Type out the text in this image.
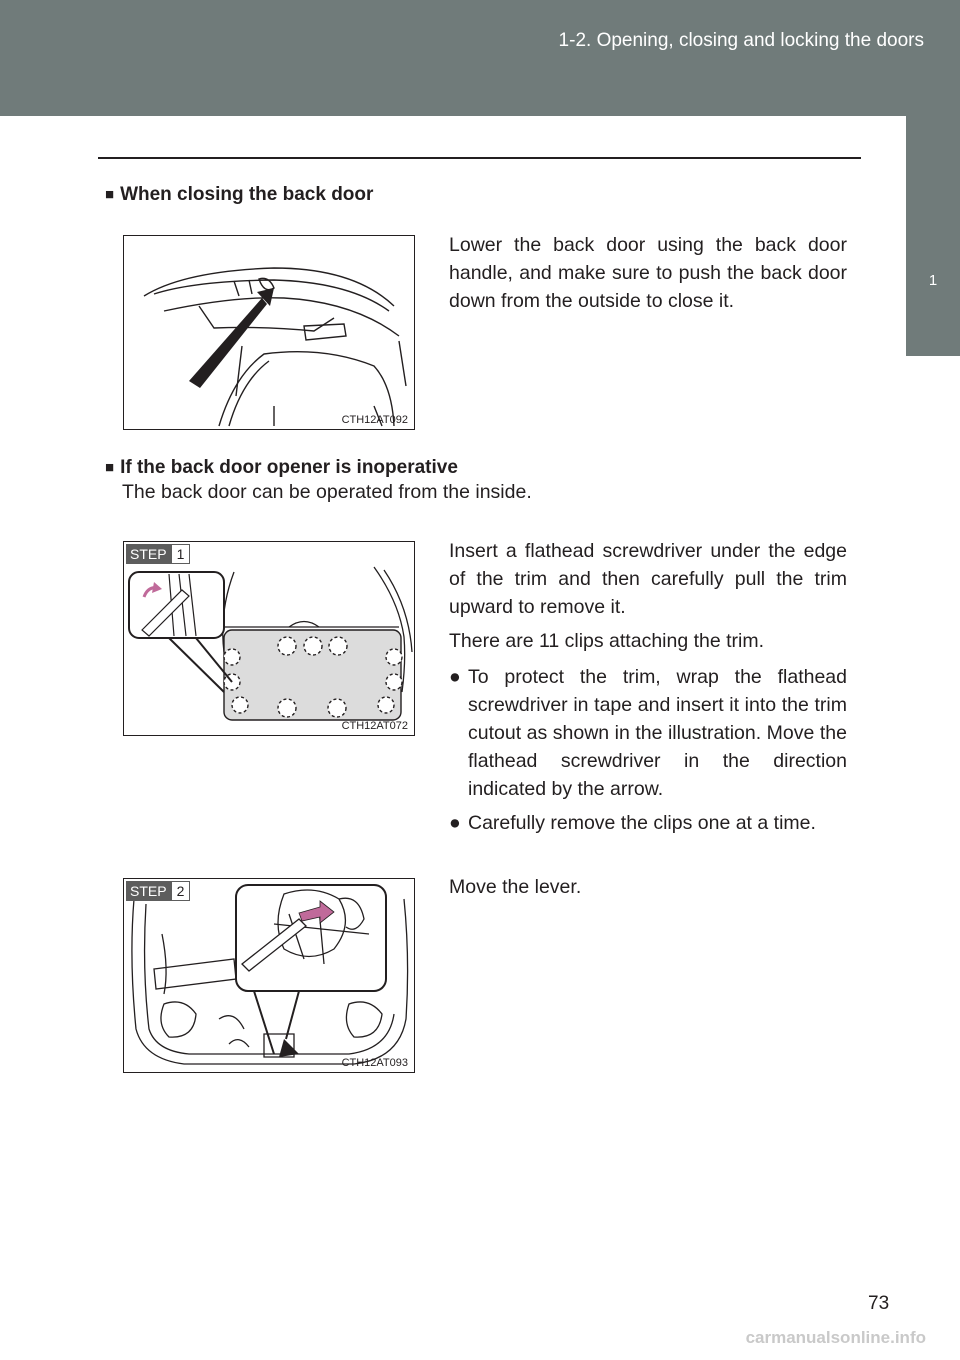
1-2. Opening, closing and locking the doors
1
Before driving
■ When closing the back door
CTH12AT092
Lower the back door using the back door handle, and make sure to push the back door down from the outside to close it.
■ If the back door opener is inoperative
The back door can be operated from the inside.
STEP 1
CTH12AT072
Insert a flathead screwdriver under the edge of the trim and then carefully pull the trim upward to remove it.
There are 11 clips attaching the trim.
● To protect the trim, wrap the flathead screwdriver in tape and insert it into the trim cutout as shown in the illustration. Move the flathead screwdriver in the direction indicated by the arrow.
● Carefully remove the clips one at a time.
STEP 2
CTH12AT093
Move the lever.
73
carmanualsonline.info
